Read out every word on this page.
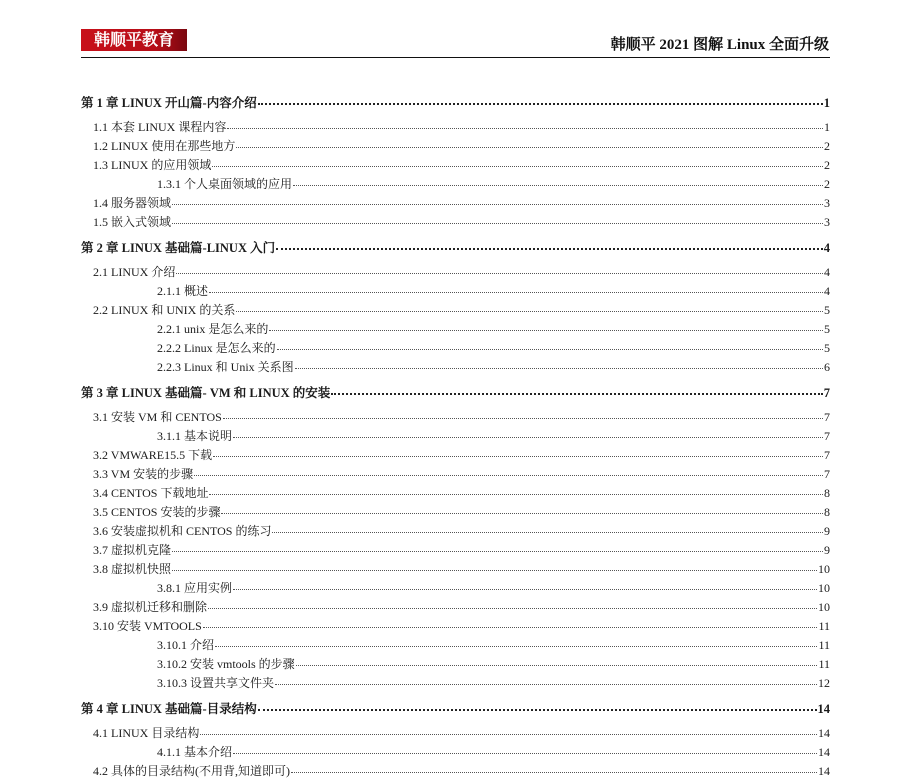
韩顺平教育	韩顺平 2021 图解 Linux 全面升级
第 1 章 LINUX 开山篇-内容介绍	1
1.1 本套 LINUX 课程内容	1
1.2 LINUX 使用在那些地方	2
1.3 LINUX 的应用领域	2
1.3.1 个人桌面领域的应用	2
1.4 服务器领域	3
1.5 嵌入式领域	3
第 2 章 LINUX 基础篇-LINUX 入门	4
2.1 LINUX 介绍	4
2.1.1 概述	4
2.2 LINUX 和 UNIX 的关系	5
2.2.1 unix 是怎么来的	5
2.2.2 Linux 是怎么来的	5
2.2.3 Linux 和 Unix 关系图	6
第 3 章 LINUX 基础篇- VM 和 LINUX 的安装	7
3.1 安装 VM 和 CENTOS	7
3.1.1 基本说明	7
3.2 VMWARE15.5 下载	7
3.3 VM 安装的步骤	7
3.4 CENTOS 下载地址	8
3.5 CENTOS 安装的步骤	8
3.6 安装虚拟机和 CENTOS 的练习	9
3.7 虚拟机克隆	9
3.8 虚拟机快照	10
3.8.1 应用实例	10
3.9 虚拟机迁移和删除	10
3.10 安装 VMTOOLS	11
3.10.1 介绍	11
3.10.2 安装 vmtools 的步骤	11
3.10.3 设置共享文件夹	12
第 4 章 LINUX 基础篇-目录结构	14
4.1 LINUX 目录结构	14
4.1.1 基本介绍	14
4.2 具体的目录结构(不用背,知道即可)	14
